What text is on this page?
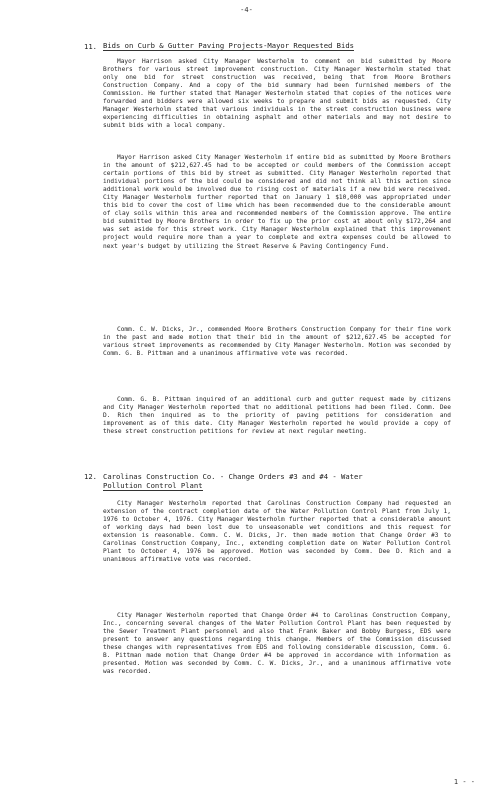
-4-
11. Bids on Curb & Gutter Paving Projects-Mayor Requested Bids
Mayor Harrison asked City Manager Westerholm to comment on bid submitted by Moore Brothers for various street improvement construction. City Manager Westerholm stated that only one bid for street construction was received, being that from Moore Brothers Construction Company. And a copy of the bid summary had been furnished members of the Commission. He further stated that Manager Westerholm stated that copies of the notices were forwarded and bidders were allowed six weeks to prepare and submit bids as requested. City Manager Westerholm stated that various individuals in the street construction business were experiencing difficulties in obtaining asphalt and other materials and may not desire to submit bids with a local company.
Mayor Harrison asked City Manager Westerholm if entire bid as submitted by Moore Brothers in the amount of $212,627.45 had to be accepted or could members of the Commission accept certain portions of this bid by street as submitted. City Manager Westerholm reported that individual portions of the bid could be considered and did not think all this action since additional work would be involved due to rising cost of materials if a new bid were received. City Manager Westerholm further reported that on January 1 $10,000 was appropriated under this bid to cover the cost of lime which has been recommended due to the considerable amount of clay soils within this area and recommended members of the Commission approve. The entire bid submitted by Moore Brothers in order to fix up the prior cost at about only $172,264 and was set aside for this street work. City Manager Westerholm explained that this improvement project would require more than a year to complete and extra expenses could be allowed to next year's budget by utilizing the Street Reserve & Paving Contingency Fund.
Comm. C. W. Dicks, Jr., commended Moore Brothers Construction Company for their fine work in the past and made motion that their bid in the amount of $212,627.45 be accepted for various street improvements as recommended by City Manager Westerholm. Motion was seconded by Comm. G. B. Pittman and a unanimous affirmative vote was recorded.
Comm. G. B. Pittman inquired of an additional curb and gutter request made by citizens and City Manager Westerholm reported that no additional petitions had been filed. Comm. Dee D. Rich then inquired as to the priority of paving petitions for consideration and improvement as of this date. City Manager Westerholm reported he would provide a copy of these street construction petitions for review at next regular meeting.
12. Carolinas Construction Co. - Change Orders #3 and #4 - Water
Pollution Control Plant
City Manager Westerholm reported that Carolinas Construction Company had requested an extension of the contract completion date of the Water Pollution Control Plant from July 1, 1976 to October 4, 1976. City Manager Westerholm further reported that a considerable amount of working days had been lost due to unseasonable wet conditions and this request for extension is reasonable. Comm. C. W. Dicks, Jr. then made motion that Change Order #3 to Carolinas Construction Company, Inc., extending completion date on Water Pollution Control Plant to October 4, 1976 be approved. Motion was seconded by Comm. Dee D. Rich and a unanimous affirmative vote was recorded.
City Manager Westerholm reported that Change Order #4 to Carolinas Construction Company, Inc., concerning several changes of the Water Pollution Control Plant has been requested by the Sewer Treatment Plant personnel and also that Frank Baker and Bobby Burgess, EDS were present to answer any questions regarding this change. Members of the Commission discussed these changes with representatives from EDS and following considerable discussion, Comm. G. B. Pittman made motion that Change Order #4 be approved in accordance with information as presented. Motion was seconded by Comm. C. W. Dicks, Jr., and a unanimous affirmative vote was recorded.
1 - -
